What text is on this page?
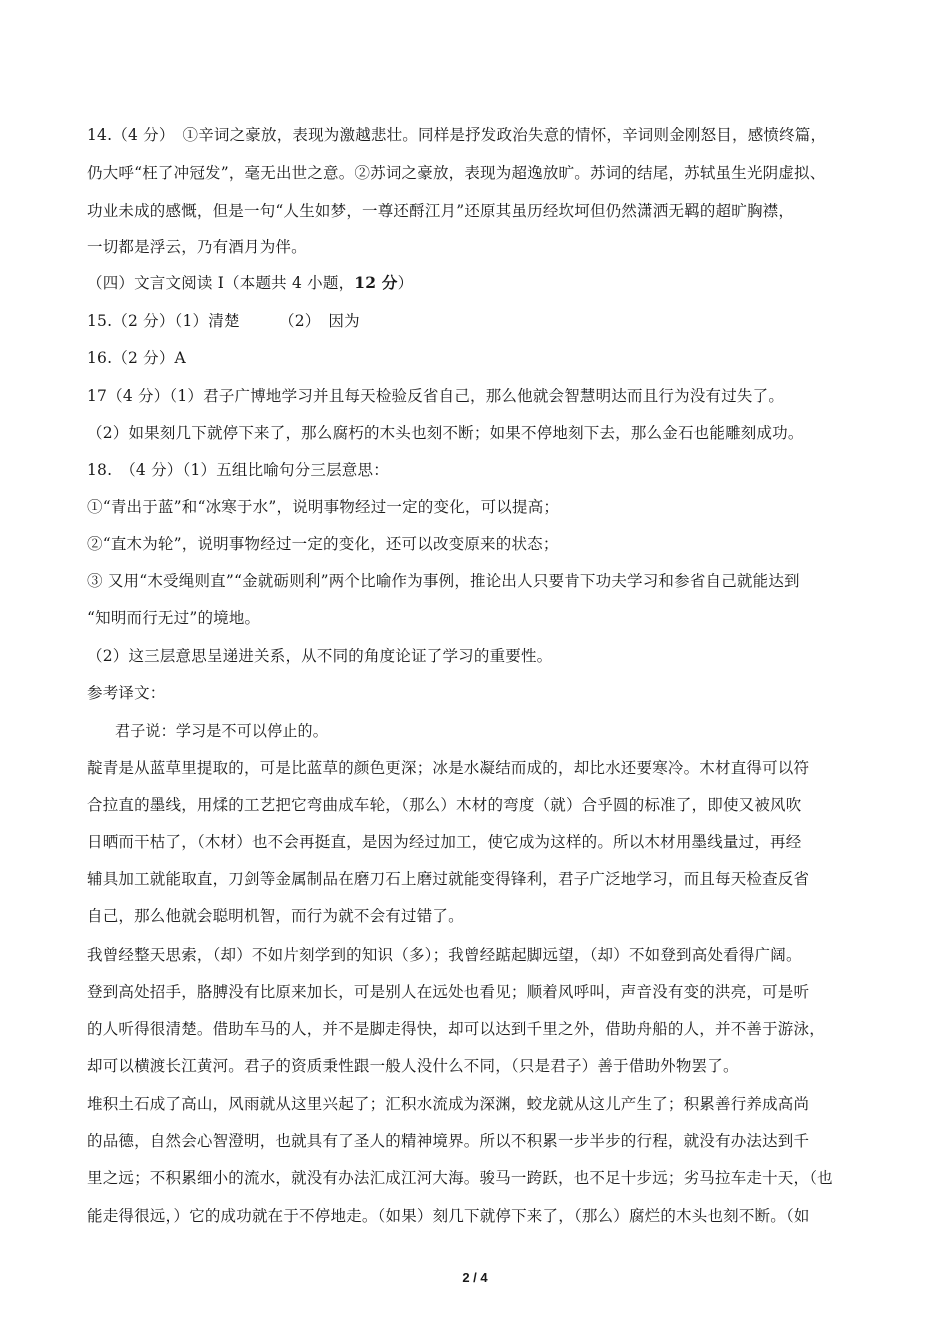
14.（4 分）　①辛词之豪放，表现为激越悲壮。同样是抒发政治失意的情怀，辛词则金刚怒目，感愤终篇，
仍大呼“枉了冲冠发”，毫无出世之意。②苏词之豪放，表现为超逸放旷。苏词的结尾，苏轼虽生光阴虚拟、
功业未成的感慨，但是一句“人生如梦，一尊还酹江月”还原其虽历经坎坷但仍然潇洒无羁的超旷胸襟，
一切都是浮云，乃有酒月为伴。
（四）文言文阅读 I（本题共 4 小题，12 分）
15.（2 分）（1）清楚　　　（2）　因为
16.（2 分）A
17（4 分）（1）君子广博地学习并且每天检验反省自己，那么他就会智慧明达而且行为没有过失了。
（2）如果刻几下就停下来了，那么腐朽的木头也刻不断；如果不停地刻下去，那么金石也能雕刻成功。
18.　（4 分）（1）五组比喻句分三层意思：
①“青出于蓝”和“冰寒于水”，说明事物经过一定的变化，可以提高；
②“直木为轮”，说明事物经过一定的变化，还可以改变原来的状态；
③ 又用“木受绳则直”“金就砺则利”两个比喻作为事例，推论出人只要肯下功夫学习和参省自己就能达到
“知明而行无过”的境地。
（2）这三层意思呈递进关系，从不同的角度论证了学习的重要性。
参考译文：
君子说：学习是不可以停止的。
靛青是从蓝草里提取的，可是比蓝草的颜色更深；冰是水凝结而成的，却比水还要寒冷。木材直得可以符
合拉直的墨线，用煣的工艺把它弯曲成车轮，（那么）木材的弯度（就）合乎圆的标准了，即使又被风吹
日晒而干枯了，（木材）也不会再挺直，是因为经过加工，使它成为这样的。所以木材用墨线量过，再经
辅具加工就能取直，刀剑等金属制品在磨刀石上磨过就能变得锋利，君子广泛地学习，而且每天检查反省
自己，那么他就会聪明机智，而行为就不会有过错了。
我曾经整天思索，（却）不如片刻学到的知识（多）；我曾经踮起脚远望，（却）不如登到高处看得广阔。
登到高处招手，胳膊没有比原来加长，可是别人在远处也看见；顺着风呼叫，声音没有变的洪亮，可是听
的人听得很清楚。借助车马的人，并不是脚走得快，却可以达到千里之外，借助舟船的人，并不善于游泳，
却可以横渡长江黄河。君子的资质秉性跟一般人没什么不同，（只是君子）善于借助外物罢了。
堆积土石成了高山，风雨就从这里兴起了；汇积水流成为深渊，蛟龙就从这儿产生了；积累善行养成高尚
的品德，自然会心智澄明，也就具有了圣人的精神境界。所以不积累一步半步的行程，就没有办法达到千
里之远；不积累细小的流水，就没有办法汇成江河大海。骏马一跨跃，也不足十步远；劣马拉车走十天，（也
能走得很远，）它的成功就在于不停地走。（如果）刻几下就停下来了，（那么）腐烂的木头也刻不断。（如
2 / 4
